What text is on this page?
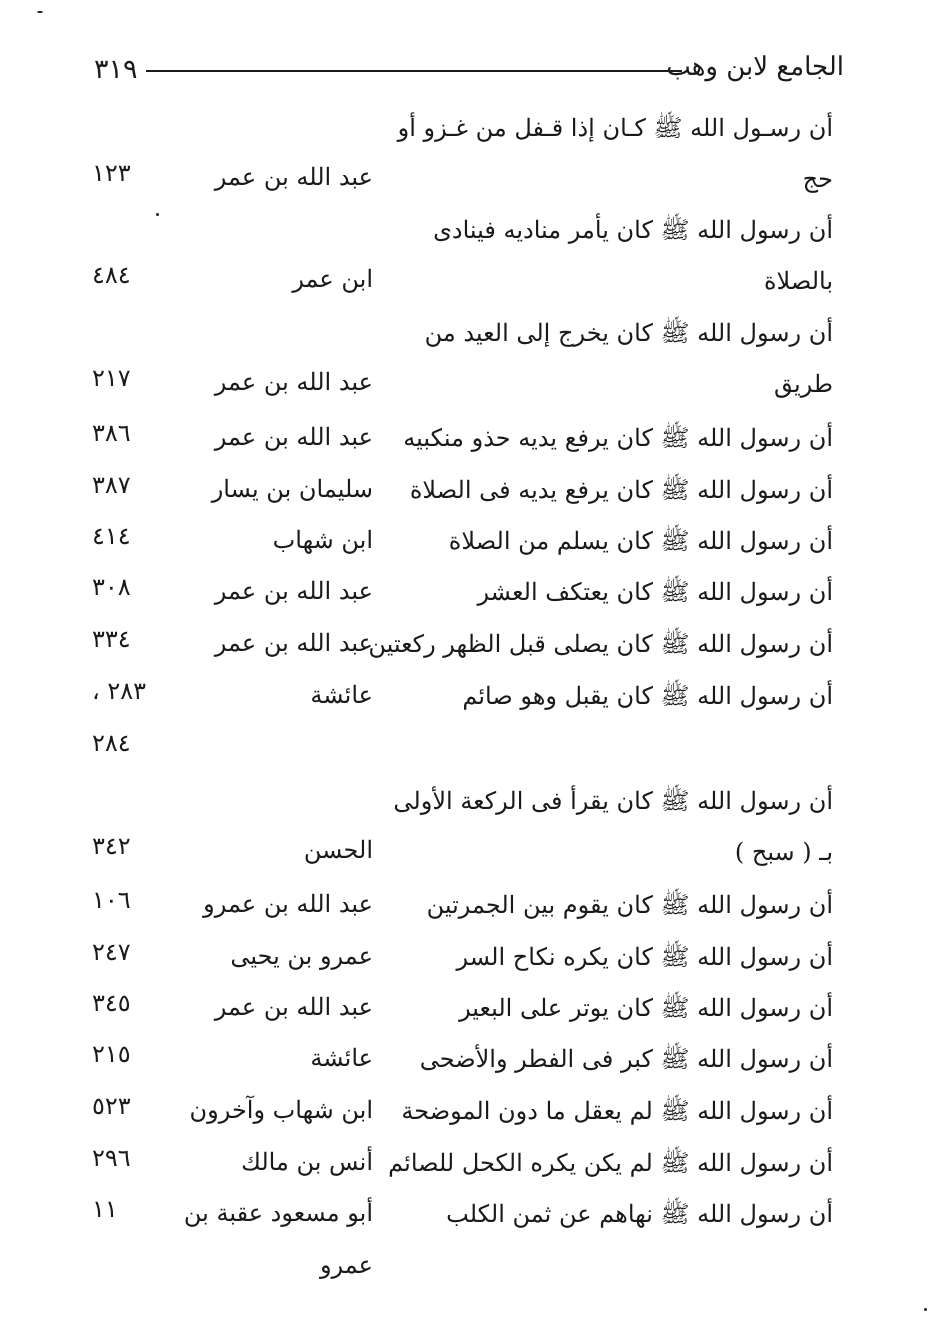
٣١٩	الجامع لابن وهب
أن رسـول الله ﷺ كـان إذا قـفل من غـزو أو
حج
عبد الله بن عمر
١٢٣
أن رسول الله ﷺ كان يأمر مناديه فينادى
بالصلاة
ابن عمر
٤٨٤
أن رسول الله ﷺ كان يخرج إلى العيد من
طريق
عبد الله بن عمر
٢١٧
أن رسول الله ﷺ كان يرفع يديه حذو منكبيه
عبد الله بن عمر
٣٨٦
أن رسول الله ﷺ كان يرفع يديه فى الصلاة
سليمان بن يسار
٣٨٧
أن رسول الله ﷺ كان يسلم من الصلاة
ابن شهاب
٤١٤
أن رسول الله ﷺ كان يعتكف العشر
عبد الله بن عمر
٣٠٨
أن رسول الله ﷺ كان يصلى قبل الظهر ركعتين
عبد الله بن عمر
٣٣٤
أن رسول الله ﷺ كان يقبل وهو صائم
عائشة
٢٨٣ ،
٢٨٤
أن رسول الله ﷺ كان يقرأ فى الركعة الأولى
بـ ( سبح )
الحسن
٣٤٢
أن رسول الله ﷺ كان يقوم بين الجمرتين
عبد الله بن عمرو
١٠٦
أن رسول الله ﷺ كان يكره نكاح السر
عمرو بن يحيى
٢٤٧
أن رسول الله ﷺ كان يوتر على البعير
عبد الله بن عمر
٣٤٥
أن رسول الله ﷺ كبر فى الفطر والأضحى
عائشة
٢١٥
أن رسول الله ﷺ لم يعقل ما دون الموضحة
ابن شهاب وآخرون
٥٢٣
أن رسول الله ﷺ لم يكن يكره الكحل للصائم
أنس بن مالك
٢٩٦
أن رسول الله ﷺ نهاهم عن ثمن الكلب
أبو مسعود عقبة بن
عمرو
١١
